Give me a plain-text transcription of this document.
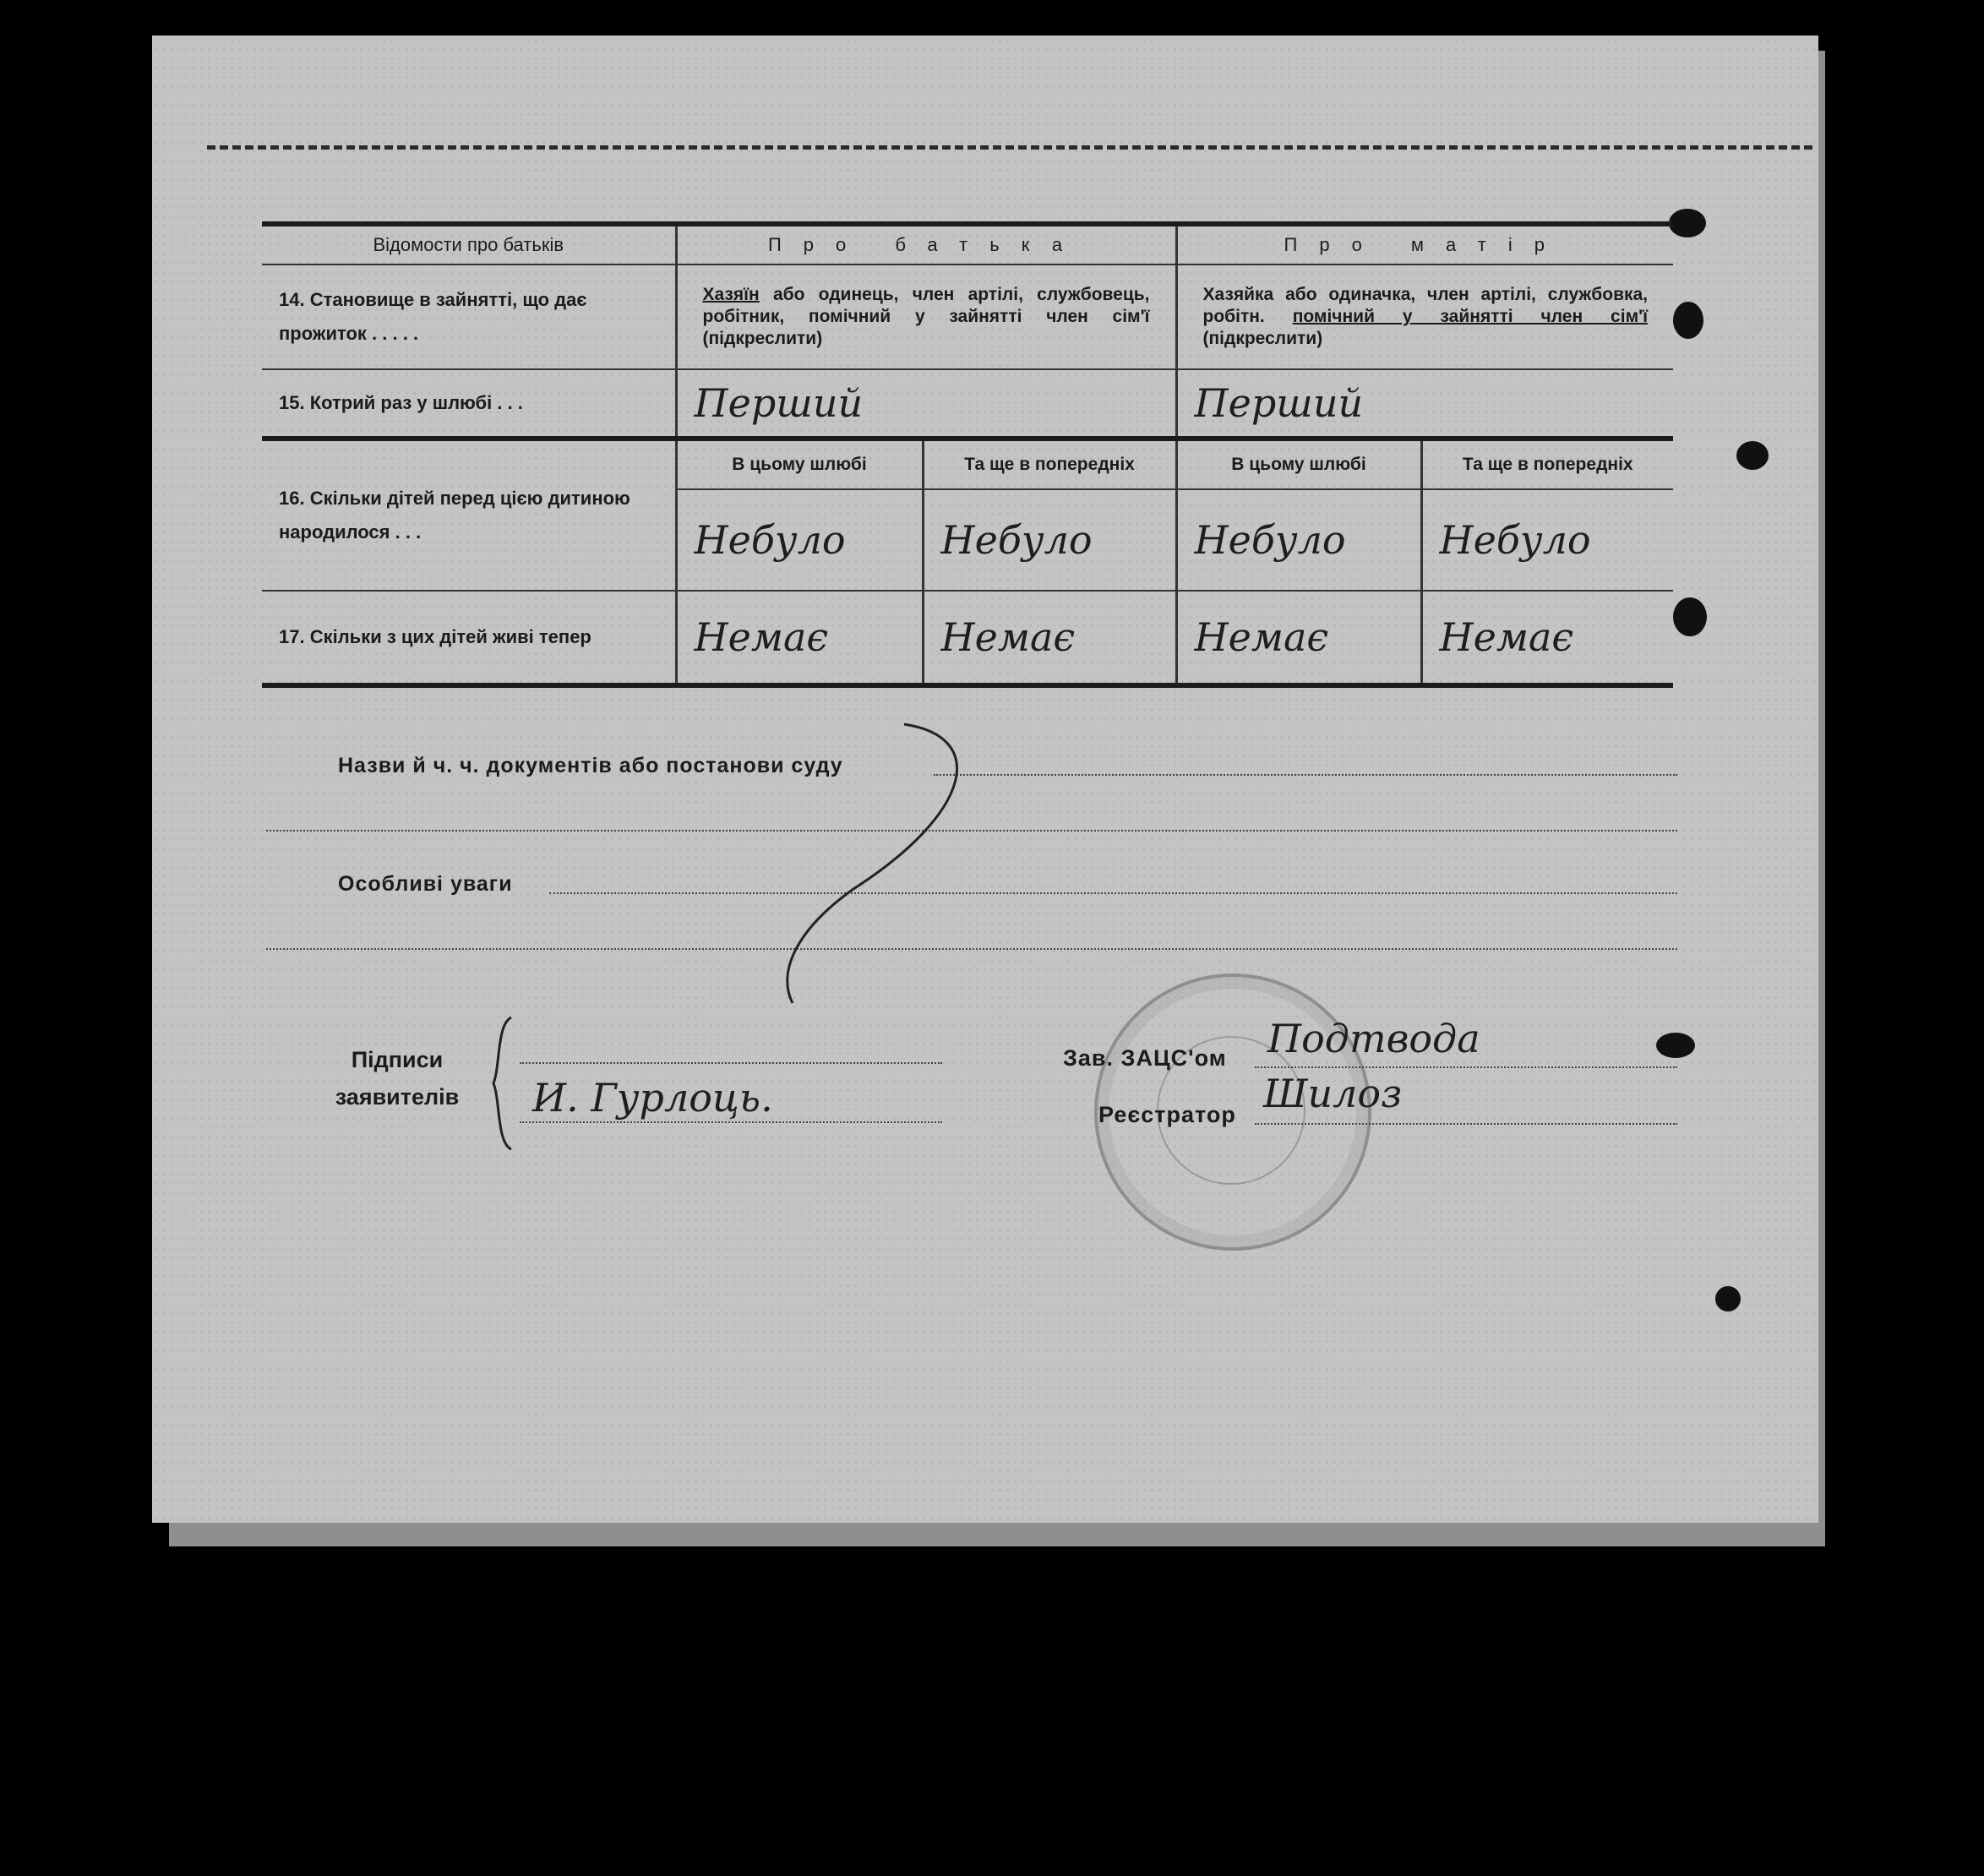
Відомости про батьків	Про батька		Про матір	
14. Становище в зайнятті, що дає прожиток . . . . .	Хазяїн або одинець, член артілі, службовець, робітник, помічний у зайнятті член сім'ї (підкреслити)		Хазяйка або одиначка, член артілі, службовка, робітн. помічний у зайнятті член сім'ї (підкреслити)	
15. Котрий раз у шлюбі . . .	Перший		Перший	
16. Скільки дітей перед цією дитиною народилося . . .	В цьому шлюбі	Та ще в попередніх	В цьому шлюбі	Та ще в попередніх
	Небуло	Небуло	Небуло	Небуло
17. Скільки з цих дітей живі тепер	Немає	Немає	Немає	Немає
Назви й ч. ч. документів або постанови суду
Особливі уваги
Підписи
заявителів	И. Гурлоць.
Зав. ЗАЦС'ом Подтвода
Реєстратор Шилоз
